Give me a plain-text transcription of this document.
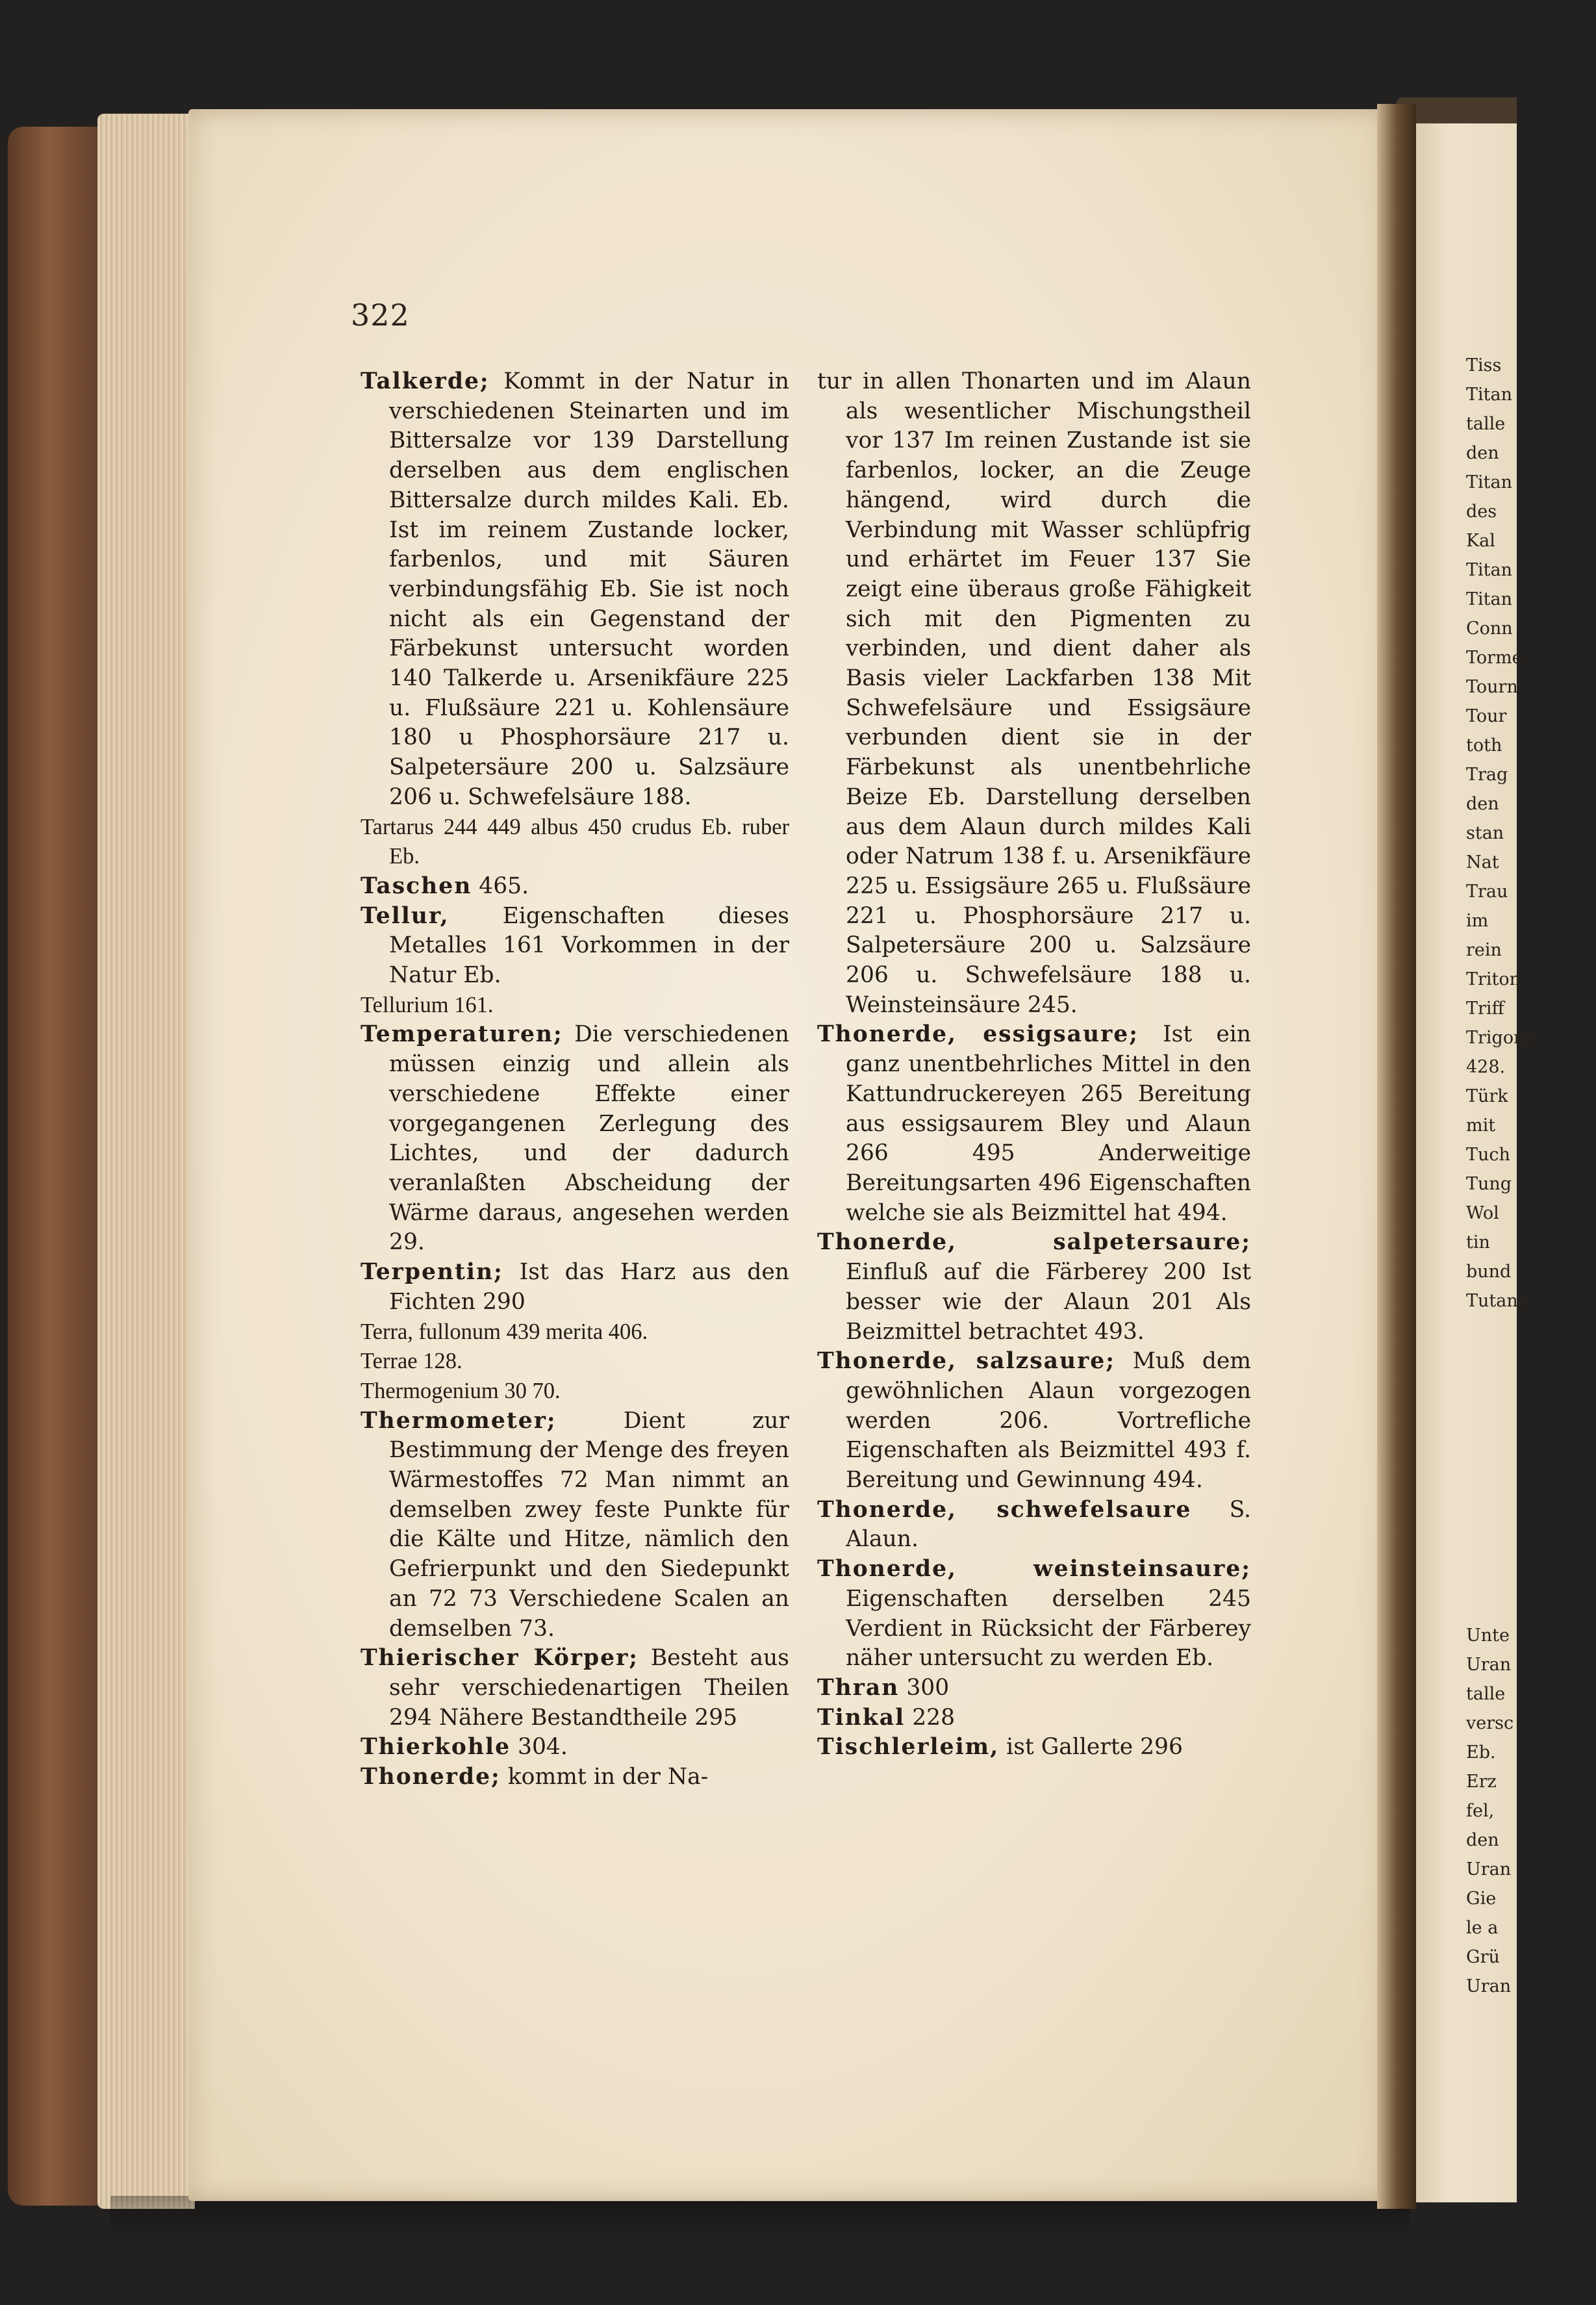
Tiss
Titan
talle
den
Titan
des
Kal
Titan
Titan
Conn
Torme
Tourn
Tour
toth
Trag
den
stan
Nat
Trau
im
rein
Triton
Triff
Trigone
428.
Türk
mit
Tuch
Tung
Wol
tin
bund
Tutane
Unte
Uran
talle
versc
Eb.
Erz
fel,
den
Uran
Gie
le a
Grü
Uran
322
Talkerde; Kommt in der Natur in verschiedenen Steinarten und im Bittersalze vor 139 Darstellung derselben aus dem englischen Bittersalze durch mildes Kali. Eb. Ist im reinem Zustande locker, farbenlos, und mit Säuren verbindungsfähig Eb. Sie ist noch nicht als ein Gegenstand der Färbekunst untersucht worden 140 Talkerde u. Arsenikfäure 225 u. Flußsäure 221 u. Kohlensäure 180 u Phosphorsäure 217 u. Salpetersäure 200 u. Salzsäure 206 u. Schwefelsäure 188.
Tartarus 244 449 albus 450 crudus Eb. ruber Eb.
Taschen 465.
Tellur, Eigenschaften dieses Metalles 161 Vorkommen in der Natur Eb.
Tellurium 161.
Temperaturen; Die verschiedenen müssen einzig und allein als verschiedene Effekte einer vorgegangenen Zerlegung des Lichtes, und der dadurch veranlaßten Abscheidung der Wärme daraus, angesehen werden 29.
Terpentin; Ist das Harz aus den Fichten 290
Terra, fullonum 439 merita 406.
Terrae 128.
Thermogenium 30 70.
Thermometer;	Dient zur Bestimmung der Menge des freyen Wärmestoffes 72 Man nimmt an demselben zwey feste Punkte für die Kälte und Hitze, nämlich den Gefrierpunkt und den Siedepunkt an 72 73 Verschiedene Scalen an demselben 73.
Thierischer Körper; Besteht aus sehr verschiedenartigen Theilen 294 Nähere Bestandtheile 295
Thierkohle 304.
Thonerde; kommt in der Na-
tur in allen Thonarten und im Alaun als wesentlicher Mischungstheil vor 137 Im reinen Zustande ist sie farbenlos, locker, an die Zeuge hängend, wird durch die Verbindung mit Wasser schlüpfrig und erhärtet im Feuer 137 Sie zeigt eine überaus große Fähigkeit sich mit den Pigmenten zu verbinden, und dient daher als Basis vieler Lackfarben 138 Mit Schwefelsäure und Essigsäure verbunden dient sie in der Färbekunst als unentbehrliche Beize Eb. Darstellung derselben aus dem Alaun durch mildes Kali oder Natrum 138 f. u. Arsenikfäure 225 u. Essigsäure 265 u. Flußsäure 221 u. Phosphorsäure 217 u. Salpetersäure 200 u. Salzsäure 206 u. Schwefelsäure 188 u. Weinsteinsäure 245.
Thonerde, essigsaure; Ist ein ganz unentbehrliches Mittel in den Kattundruckereyen 265 Bereitung aus essigsaurem Bley und Alaun 266 495 Anderweitige Bereitungsarten 496 Eigenschaften welche sie als Beizmittel hat 494.
Thonerde, salpetersaure; Einfluß auf die Färberey 200 Ist besser wie der Alaun 201 Als Beizmittel betrachtet 493.
Thonerde, salzsaure; Muß dem gewöhnlichen Alaun vorgezogen werden 206. Vortrefliche Eigenschaften als Beizmittel 493 f. Bereitung und Gewinnung 494.
Thonerde, schwefelsaure S. Alaun.
Thonerde, weinsteinsaure; Eigenschaften derselben 245 Verdient in Rücksicht der Färberey näher untersucht zu werden Eb.
Thran 300
Tinkal 228
Tischlerleim, ist Gallerte 296
